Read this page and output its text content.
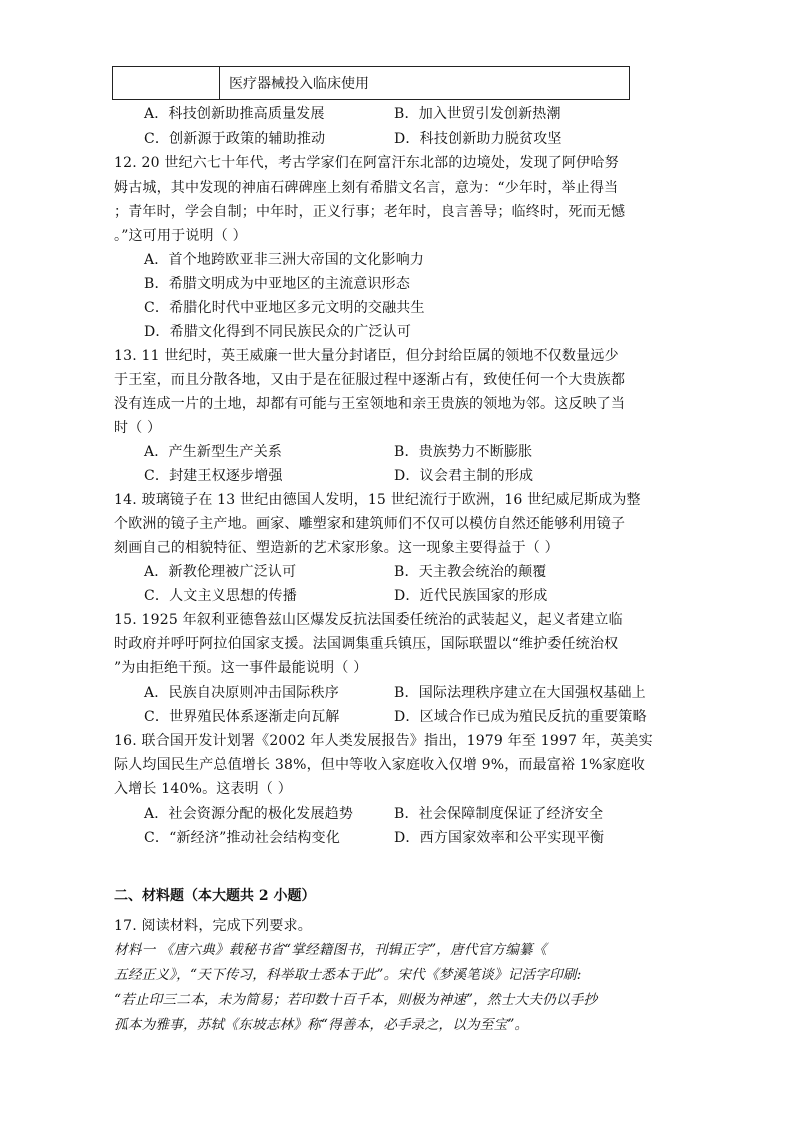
医疗器械投入临床使用
A．科技创新助推高质量发展	B．加入世贸引发创新热潮
C．创新源于政策的辅助推动	D．科技创新助力脱贫攻坚
12. 20 世纪六七十年代，考古学家们在阿富汗东北部的边境处，发现了阿伊哈努
姆古城，其中发现的神庙石碑碑座上刻有希腊文名言，意为：“少年时，举止得当
；青年时，学会自制；中年时，正义行事；老年时，良言善导；临终时，死而无憾
。”这可用于说明（ ）
A．首个地跨欧亚非三洲大帝国的文化影响力
B．希腊文明成为中亚地区的主流意识形态
C．希腊化时代中亚地区多元文明的交融共生
D．希腊文化得到不同民族民众的广泛认可
13. 11 世纪时，英王威廉一世大量分封诸臣，但分封给臣属的领地不仅数量远少
于王室，而且分散各地，又由于是在征服过程中逐渐占有，致使任何一个大贵族都
没有连成一片的土地，却都有可能与王室领地和亲王贵族的领地为邻。这反映了当
时（ ）
A．产生新型生产关系	B．贵族势力不断膨胀
C．封建王权逐步增强	D．议会君主制的形成
14. 玻璃镜子在 13 世纪由德国人发明，15 世纪流行于欧洲，16 世纪威尼斯成为整
个欧洲的镜子主产地。画家、雕塑家和建筑师们不仅可以模仿自然还能够利用镜子
刻画自己的相貌特征、塑造新的艺术家形象。这一现象主要得益于（ ）
A．新教伦理被广泛认可	B．天主教会统治的颠覆
C．人文主义思想的传播	D．近代民族国家的形成
15. 1925 年叙利亚德鲁兹山区爆发反抗法国委任统治的武装起义，起义者建立临
时政府并呼吁阿拉伯国家支援。法国调集重兵镇压，国际联盟以“维护委任统治权
”为由拒绝干预。这一事件最能说明（ ）
A．民族自决原则冲击国际秩序	B．国际法理秩序建立在大国强权基础上
C．世界殖民体系逐渐走向瓦解	D．区域合作已成为殖民反抗的重要策略
16. 联合国开发计划署《2002 年人类发展报告》指出，1979 年至 1997 年，英美实
际人均国民生产总值增长 38%，但中等收入家庭收入仅增 9%，而最富裕 1%家庭收
入增长 140%。这表明（ ）
A．社会资源分配的极化发展趋势	B．社会保障制度保证了经济安全
C．“新经济”推动社会结构变化	D．西方国家效率和公平实现平衡
二、材料题（本大题共 2 小题）
17. 阅读材料，完成下列要求。
材料一 《唐六典》载秘书省“掌经籍图书，刊辑正字”，唐代官方编纂《
五经正义》，“天下传习，科举取士悉本于此”。宋代《梦溪笔谈》记活字印刷:
“若止印三二本，未为简易；若印数十百千本，则极为神速”，然士大夫仍以手抄
孤本为雅事，苏轼《东坡志林》称“得善本，必手录之，以为至宝”。
